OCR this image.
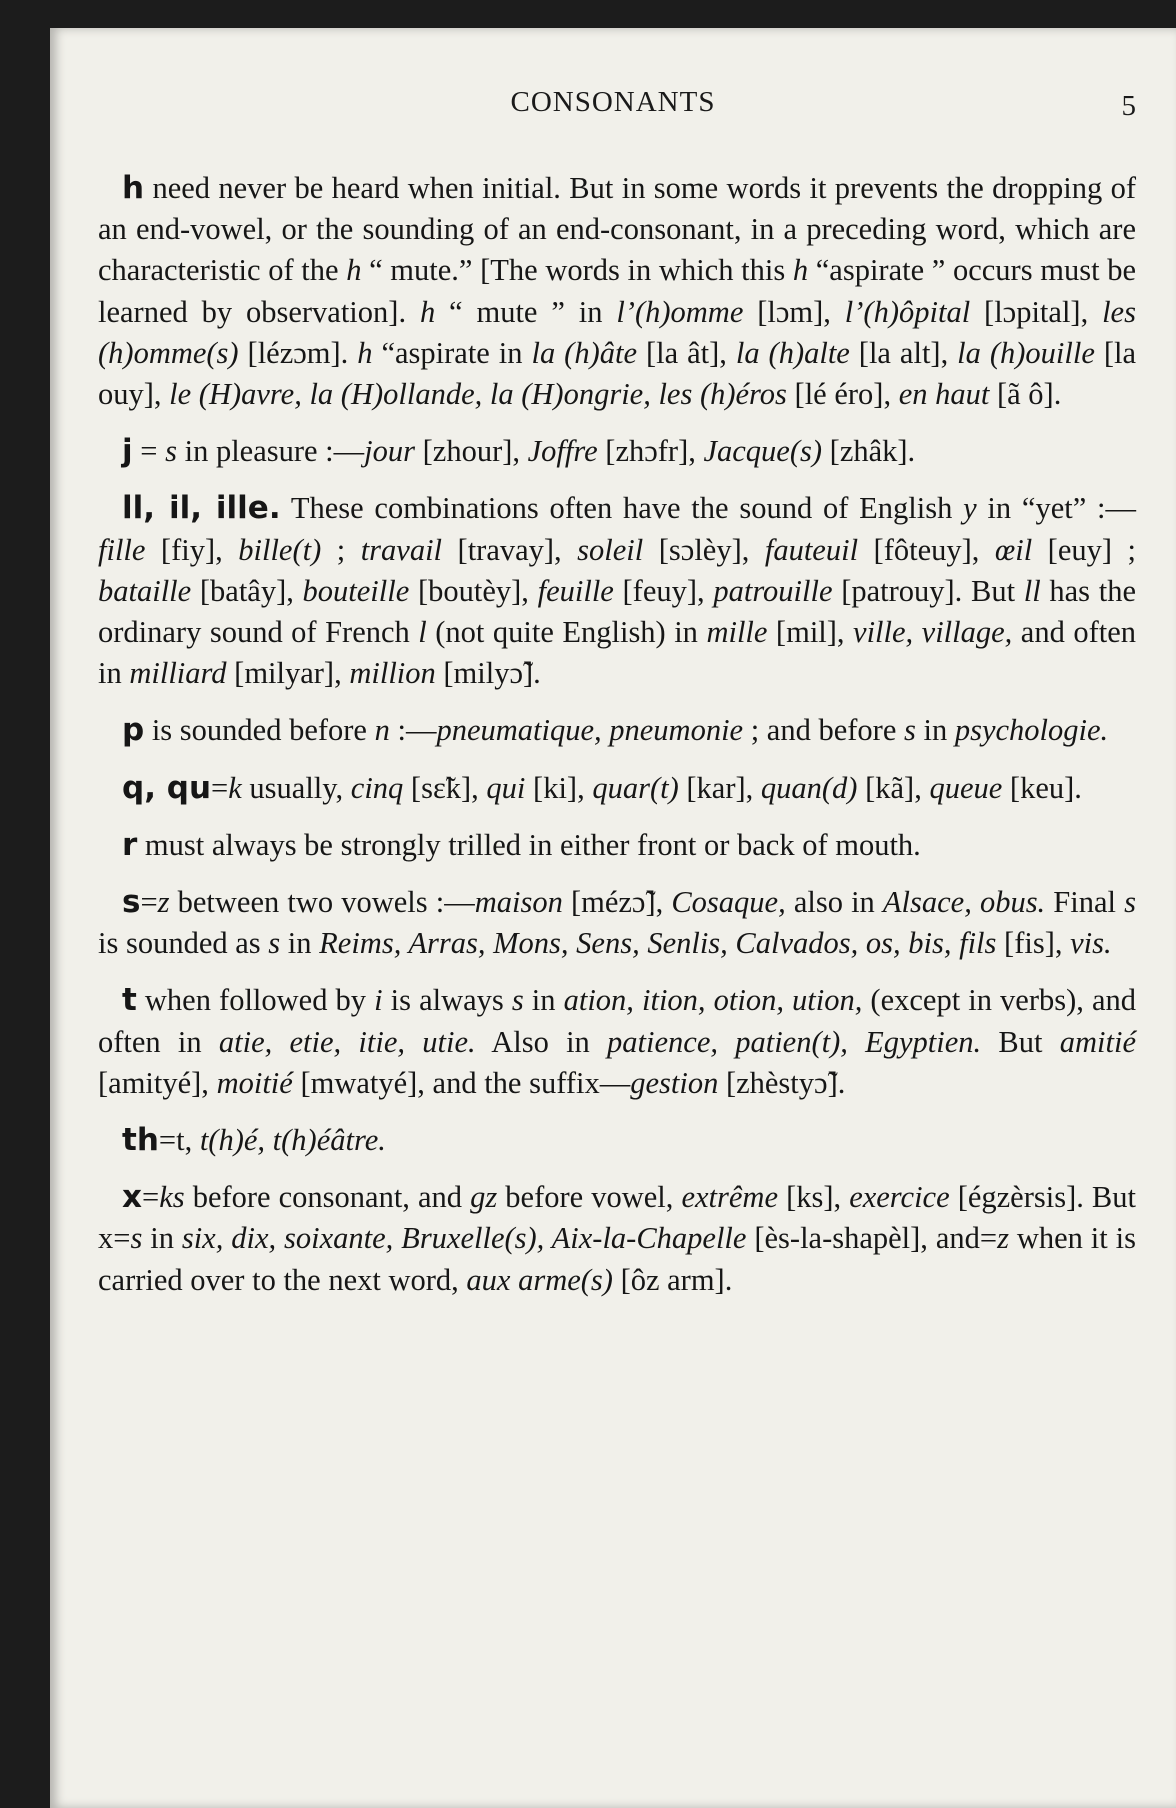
CONSONANTS	5

h need never be heard when initial. But in some words it prevents the dropping of an end-vowel, or the sounding of an end-consonant, in a preceding word, which are characteristic of the h “ mute.” [The words in which this h “aspirate ” occurs must be learned by observation]. h “ mute ” in l’(h)omme [lɔm], l’(h)ôpital [lɔpital], les (h)omme(s) [lézɔm]. h “aspirate in la (h)âte [la ât], la (h)alte [la alt], la (h)ouille [la ouy], le (H)avre, la (H)ollande, la (H)ongrie, les (h)éros [lé éro], en haut [ã ô].

j = s in pleasure :—jour [zhour], Joffre [zhɔfr], Jacque(s) [zhâk].

ll, il, ille. These combinations often have the sound of English y in “yet” :—fille [fiy], bille(t) ; travail [travay], soleil [sɔlèy], fauteuil [fôteuy], œil [euy] ; bataille [batây], bouteille [boutèy], feuille [feuy], patrouille [patrouy]. But ll has the ordinary sound of French l (not quite English) in mille [mil], ville, village, and often in milliard [milyar], million [milyɔ̃].

p is sounded before n :—pneumatique, pneumonie ; and before s in psychologie.

q, qu=k usually, cinq [sɛ̃k], qui [ki], quar(t) [kar], quan(d) [kã], queue [keu].

r must always be strongly trilled in either front or back of mouth.

s=z between two vowels :—maison [mézɔ̃], Cosaque, also in Alsace, obus. Final s is sounded as s in Reims, Arras, Mons, Sens, Senlis, Calvados, os, bis, fils [fis], vis.

t when followed by i is always s in ation, ition, otion, ution, (except in verbs), and often in atie, etie, itie, utie. Also in patience, patien(t), Egyptien. But amitié [amityé], moitié [mwatyé], and the suffix—gestion [zhèstyɔ̃].

th=t, t(h)é, t(h)éâtre.

x=ks before consonant, and gz before vowel, extrême [ks], exercice [égzèrsis]. But x=s in six, dix, soixante, Bruxelle(s), Aix-la-Chapelle [ès-la-shapèl], and=z when it is carried over to the next word, aux arme(s) [ôz arm].
